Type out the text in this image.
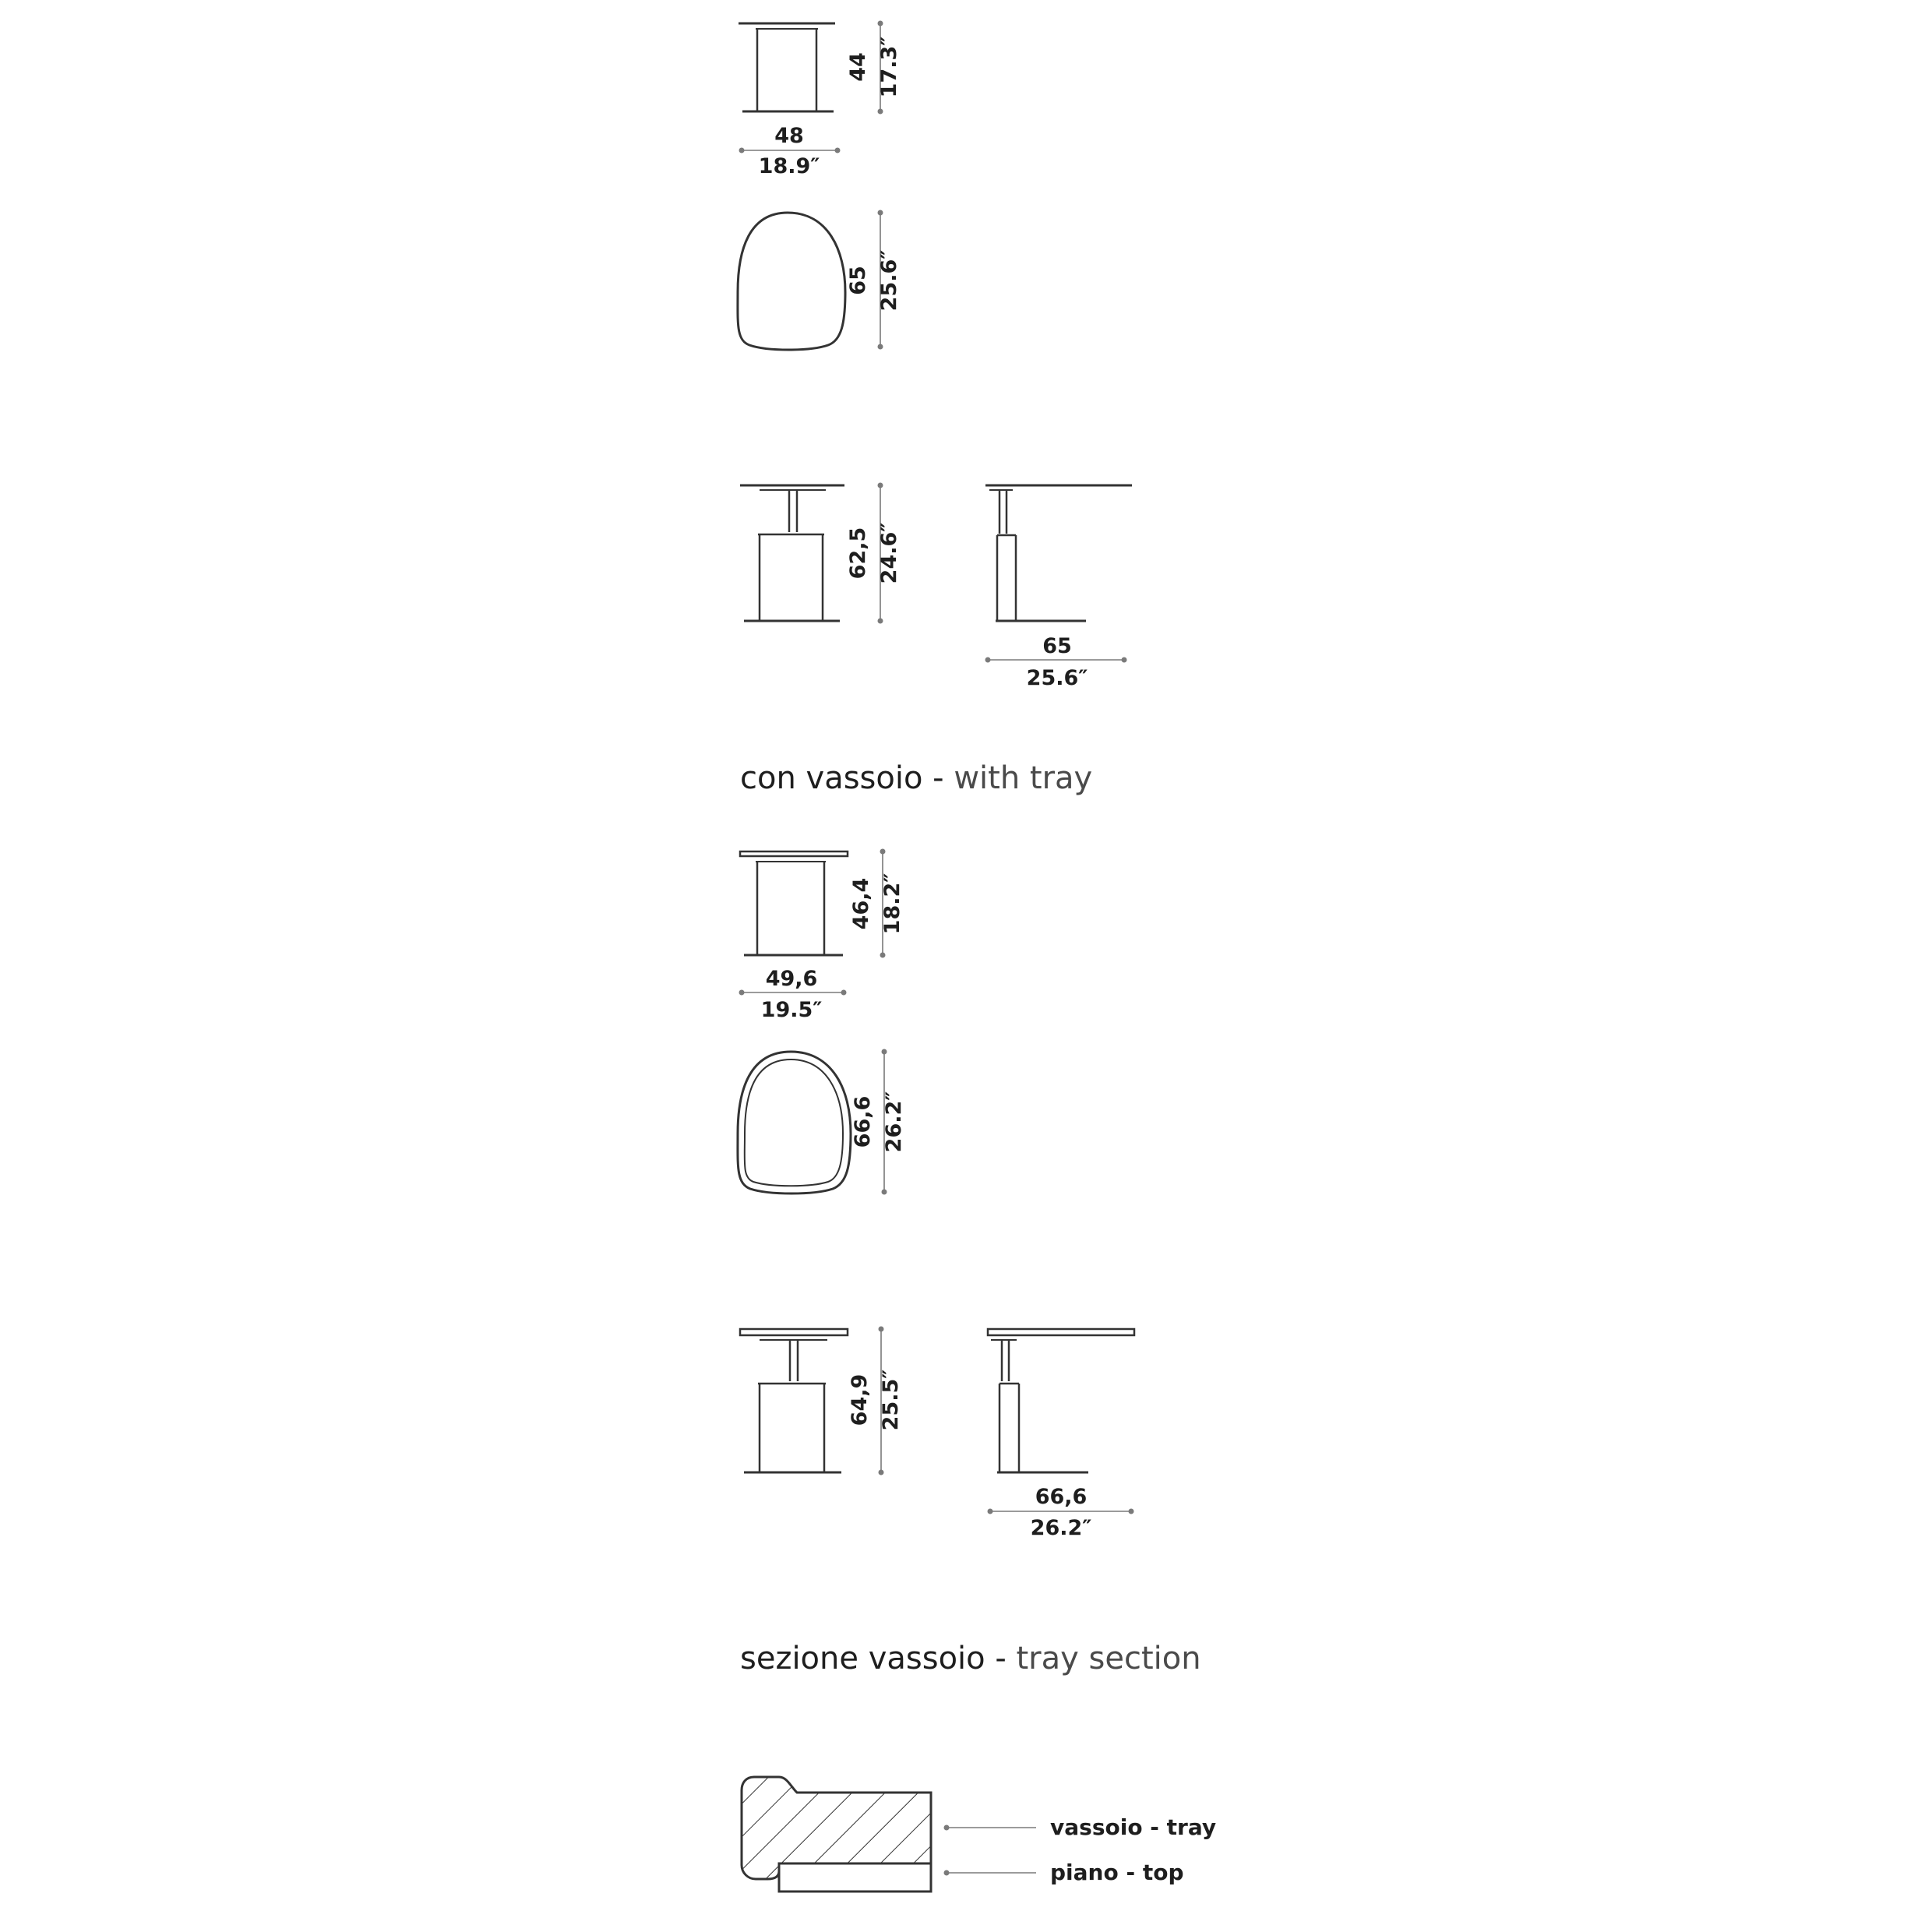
44 17.3″
48
18.9″
65 25.6″
62,5 24.6″
65
25.6″
con vassoio - with tray
46,4 18.2″
49,6
19.5″
66,6 26.2″
64,9 25.5″
66,6
26.2″
sezione vassoio - tray section
vassoio - tray
piano - top
